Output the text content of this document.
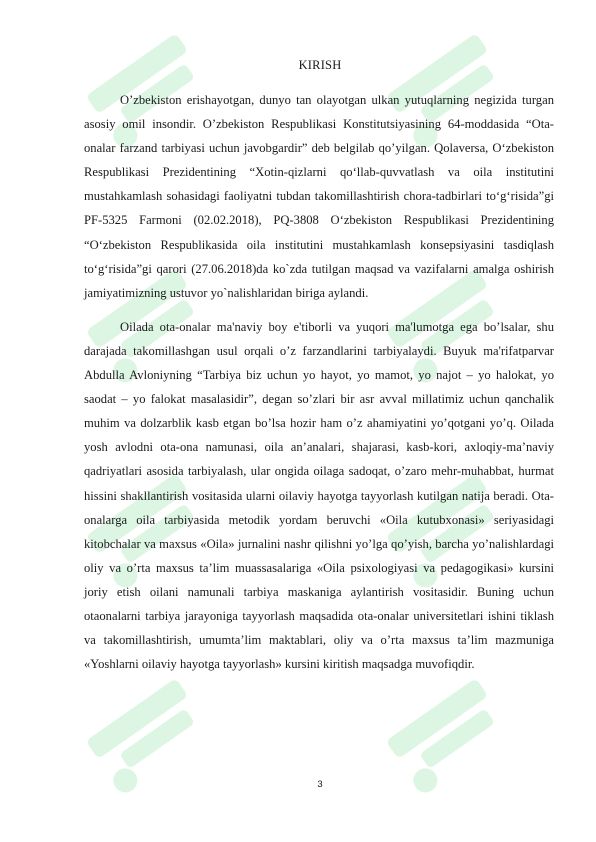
KIRISH

O’zbekiston erishayotgan, dunyo tan olayotgan ulkan yutuqlarning negizida turgan asosiy omil insondir. O’zbekiston Respublikasi Konstitutsiyasining 64-moddasida “Ota-onalar farzand tarbiyasi uchun javobgardir” deb belgilab qo’yilgan. Qolaversa, O‘zbekiston Respublikasi Prezidentining “Xotin-qizlarni qo‘llab-quvvatlash va oila institutini mustahkamlash sohasidagi faoliyatni tubdan takomillashtirish chora-tadbirlari to‘g‘risida”gi PF-5325 Farmoni (02.02.2018), PQ-3808 O‘zbekiston Respublikasi Prezidentining “O‘zbekiston Respublikasida oila institutini mustahkamlash konsepsiyasini tasdiqlash to‘g‘risida”gi qarori (27.06.2018)da ko`zda tutilgan maqsad va vazifalarni amalga oshirish jamiyatimizning ustuvor yo`nalishlaridan biriga aylandi.

Oilada ota-onalar ma'naviy boy e'tiborli va yuqori ma'lumotga ega bo’lsalar, shu darajada takomillashgan usul orqali o’z farzandlarini tarbiyalaydi. Buyuk ma'rifatparvar Abdulla Avloniyning “Tarbiya biz uchun yo hayot, yo mamot, yo najot – yo halokat, yo saodat – yo falokat masalasidir”, degan so’zlari bir asr avval millatimiz uchun qanchalik muhim va dolzarblik kasb etgan bo’lsa hozir ham o’z ahamiyatini yo’qotgani yo’q. Oilada yosh avlodni ota-ona namunasi, oila an’analari, shajarasi, kasb-kori, axloqiy-ma’naviy qadriyatlari asosida tarbiyalash, ular ongida oilaga sadoqat, o’zaro mehr-muhabbat, hurmat hissini shakllantirish vositasida ularni oilaviy hayotga tayyorlash kutilgan natija beradi. Ota-onalarga oila tarbiyasida metodik yordam beruvchi «Oila kutubxonasi» seriyasidagi kitobchalar va maxsus «Oila» jurnalini nashr qilishni yo’lga qo’yish, barcha yo’nalishlardagi oliy va o’rta maxsus ta’lim muassasalariga «Oila psixologiyasi va pedagogikasi» kursini joriy etish oilani namunali tarbiya maskaniga aylantirish vositasidir. Buning uchun otaonalarni tarbiya jarayoniga tayyorlash maqsadida ota-onalar universitetlari ishini tiklash va takomillashtirish, umumta’lim maktablari, oliy va o’rta maxsus ta’lim mazmuniga «Yoshlarni oilaviy hayotga tayyorlash» kursini kiritish maqsadga muvofiqdir.

3
